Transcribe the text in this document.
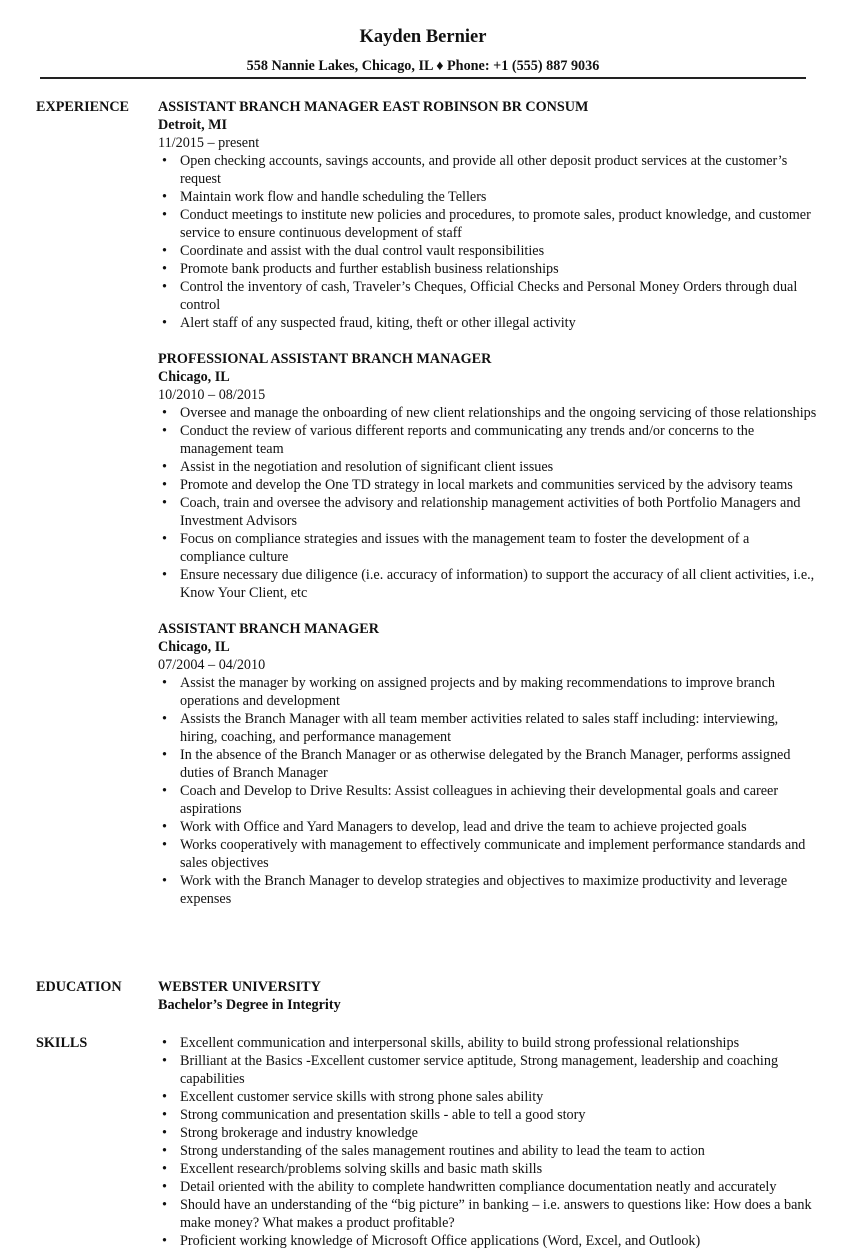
Kayden Bernier
558 Nannie Lakes, Chicago, IL ♦ Phone: +1 (555) 887 9036
EXPERIENCE	ASSISTANT BRANCH MANAGER EAST ROBINSON BR CONSUM
Detroit, MI
11/2015 – present
• Open checking accounts, savings accounts, and provide all other deposit product services at the customer’s request
• Maintain work flow and handle scheduling the Tellers
• Conduct meetings to institute new policies and procedures, to promote sales, product knowledge, and customer service to ensure continuous development of staff
• Coordinate and assist with the dual control vault responsibilities
• Promote bank products and further establish business relationships
• Control the inventory of cash, Traveler’s Cheques, Official Checks and Personal Money Orders through dual control
• Alert staff of any suspected fraud, kiting, theft or other illegal activity
PROFESSIONAL ASSISTANT BRANCH MANAGER
Chicago, IL
10/2010 – 08/2015
• Oversee and manage the onboarding of new client relationships and the ongoing servicing of those relationships
• Conduct the review of various different reports and communicating any trends and/or concerns to the management team
• Assist in the negotiation and resolution of significant client issues
• Promote and develop the One TD strategy in local markets and communities serviced by the advisory teams
• Coach, train and oversee the advisory and relationship management activities of both Portfolio Managers and Investment Advisors
• Focus on compliance strategies and issues with the management team to foster the development of a compliance culture
• Ensure necessary due diligence (i.e. accuracy of information) to support the accuracy of all client activities, i.e., Know Your Client, etc
ASSISTANT BRANCH MANAGER
Chicago, IL
07/2004 – 04/2010
• Assist the manager by working on assigned projects and by making recommendations to improve branch operations and development
• Assists the Branch Manager with all team member activities related to sales staff including: interviewing, hiring, coaching, and performance management
• In the absence of the Branch Manager or as otherwise delegated by the Branch Manager, performs assigned duties of Branch Manager
• Coach and Develop to Drive Results: Assist colleagues in achieving their developmental goals and career aspirations
• Work with Office and Yard Managers to develop, lead and drive the team to achieve projected goals
• Works cooperatively with management to effectively communicate and implement performance standards and sales objectives
• Work with the Branch Manager to develop strategies and objectives to maximize productivity and leverage expenses
EDUCATION	WEBSTER UNIVERSITY
Bachelor’s Degree in Integrity
SKILLS
•	Excellent communication and interpersonal skills, ability to build strong professional relationships
• Brilliant at the Basics -Excellent customer service aptitude, Strong management, leadership and coaching capabilities
• Excellent customer service skills with strong phone sales ability
• Strong communication and presentation skills - able to tell a good story
• Strong brokerage and industry knowledge
• Strong understanding of the sales management routines and ability to lead the team to action
• Excellent research/problems solving skills and basic math skills
• Detail oriented with the ability to complete handwritten compliance documentation neatly and accurately
• Should have an understanding of the “big picture” in banking – i.e. answers to questions like: How does a bank make money? What makes a product profitable?
• Proficient working knowledge of Microsoft Office applications (Word, Excel, and Outlook)
